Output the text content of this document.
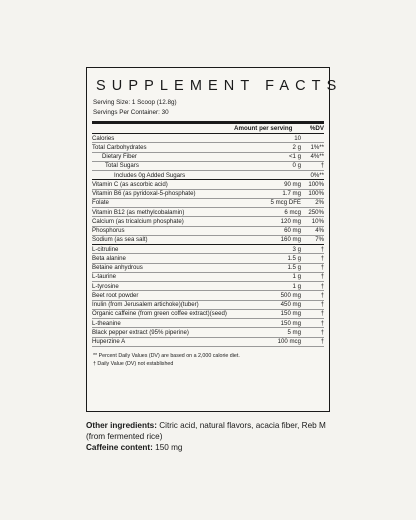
SUPPLEMENT FACTS
Serving Size: 1 Scoop (12.8g)
Servings Per Container: 30
Amount per serving	%DV
Calories	10
Total Carbohydrates	2 g	1%**
Dietary Fiber	<1 g	4%**
Total Sugars	0 g	†
Includes 0g Added Sugars	0%**
Vitamin C (as ascorbic acid)	90 mg	100%
Vitamin B6 (as pyridoxal-5-phosphate)	1.7 mg	100%
Folate	5 mcg DFE	2%
Vitamin B12 (as methylcobalamin)	6 mcg	250%
Calcium (as tricalcium phosphate)	120 mg	10%
Phosphorus	60 mg	4%
Sodium (as sea salt)	160 mg	7%
L-citruline	3 g	†
Beta alanine	1.5 g	†
Betaine anhydrous	1.5 g	†
L-taurine	1 g	†
L-tyrosine	1 g	†
Beet root powder	500 mg	†
Inulin (from Jerusalem artichoke)(tuber)	450 mg	†
Organic caffeine (from green coffee extract)(seed)	150 mg	†
L-theanine	150 mg	†
Black pepper extract (95% piperine)	5 mg	†
Huperzine A	100 mcg	†
** Percent Daily Values (DV) are based on a 2,000 calorie diet.
† Daily Value (DV) not established
Other ingredients: Citric acid, natural flavors, acacia fiber, Reb M (from fermented rice)
Caffeine content: 150 mg
